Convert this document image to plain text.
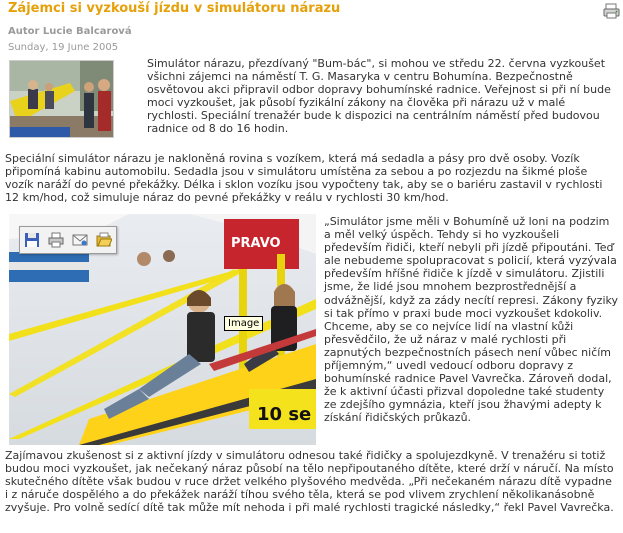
Zájemci si vyzkouší jízdu v simulátoru nárazu
Autor Lucie Balcarová
Sunday, 19 June 2005

Simulátor nárazu, přezdívaný "Bum-bác", si mohou ve středu 22. června vyzkoušet všichni zájemci na náměstí T. G. Masaryka v centru Bohumína. Bezpečnostně osvětovou akci připravil odbor dopravy bohumínské radnice. Veřejnost si při ní bude moci vyzkoušet, jak působí fyzikální zákony na člověka při nárazu už v malé rychlosti. Speciální trenažér bude k dispozici na centrálním náměstí před budovou radnice od 8 do 16 hodin.

Speciální simulátor nárazu je nakloněná rovina s vozíkem, která má sedadla a pásy pro dvě osoby. Vozík připomíná kabinu automobilu. Sedadla jsou v simulátoru umístěna za sebou a po rozjezdu na šikmé ploše vozík naráží do pevné překážky. Délka i sklon vozíku jsou vypočteny tak, aby se o bariéru zastavil v rychlosti 12 km/hod, což simuluje náraz do pevné překážky v reálu v rychlosti 30 km/hod.

PRAVO
10 se
Image

„Simulátor jsme měli v Bohumíně už loni na podzim a měl velký úspěch. Tehdy si ho vyzkoušeli především řidiči, kteří nebyli při jízdě připoutáni. Teď ale nebudeme spolupracovat s policií, která vyzývala především hříšné řidiče k jízdě v simulátoru. Zjistili jsme, že lidé jsou mnohem bezprostřednější a odvážnější, když za zády necítí represi. Zákony fyziky si tak přímo v praxi bude moci vyzkoušet kdokoliv. Chceme, aby se co nejvíce lidí na vlastní kůži přesvědčilo, že už náraz v malé rychlosti při zapnutých bezpečnostních pásech není vůbec ničím příjemným,“ uvedl vedoucí odboru dopravy z bohumínské radnice Pavel Vavrečka. Zároveň dodal, že k aktivní účasti přizval dopoledne také studenty ze zdejšího gymnázia, kteří jsou žhavými adepty k získání řidičských průkazů.

Zajímavou zkušenost si z aktivní jízdy v simulátoru odnesou také řidičky a spolujezdkyně. V trenažéru si totiž budou moci vyzkoušet, jak nečekaný náraz působí na tělo nepřipoutaného dítěte, které drží v náručí. Na místo skutečného dítěte však budou v ruce držet velkého plyšového medvěda. „Při nečekaném nárazu dítě vypadne i z náruče dospělého a do překážek naráží tíhou svého těla, která se pod vlivem zrychlení několikanásobně zvyšuje. Pro volně sedící dítě tak může mít nehoda i při malé rychlosti tragické následky,“ řekl Pavel Vavrečka.
